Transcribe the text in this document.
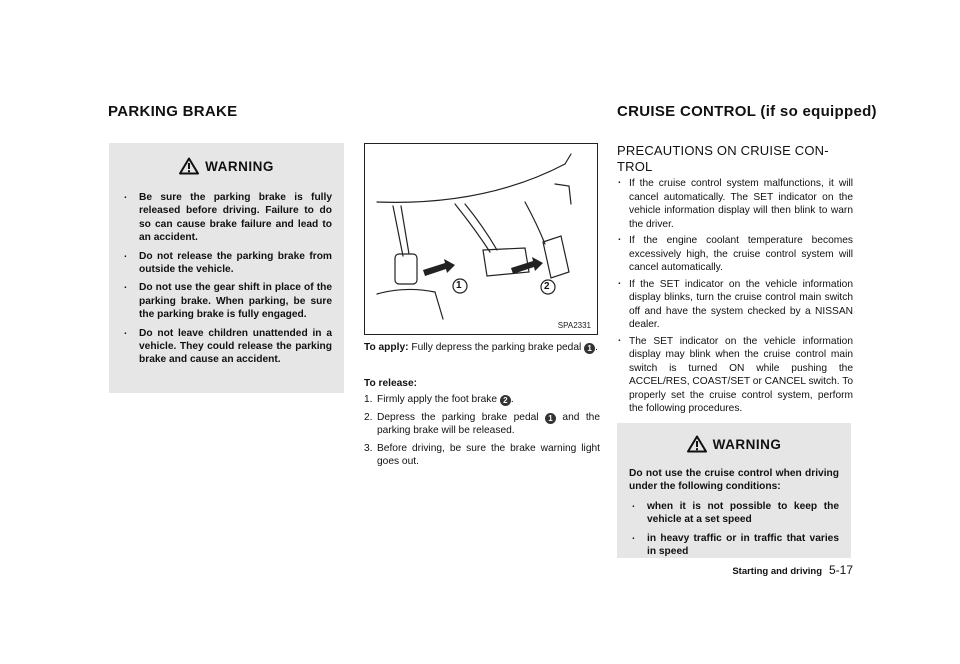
PARKING BRAKE	CRUISE CONTROL (if so equipped)
WARNING
. Be sure the parking brake is fully released before driving. Failure to do so can cause brake failure and lead to an accident.
. Do not release the parking brake from outside the vehicle.
. Do not use the gear shift in place of the parking brake. When parking, be sure the parking brake is fully engaged.
. Do not leave children unattended in a vehicle. They could release the parking brake and cause an accident.
1	2
SPA2331
To apply: Fully depress the parking brake pedal 1 .
To release:
1. Firmly apply the foot brake 2 .
2. Depress the parking brake pedal 1 and the parking brake will be released.
3. Before driving, be sure the brake warning light goes out.
PRECAUTIONS ON CRUISE CON-TROL
. If the cruise control system malfunctions, it will cancel automatically. The SET indicator on the vehicle information display will then blink to warn the driver.
. If the engine coolant temperature becomes excessively high, the cruise control system will cancel automatically.
. If the SET indicator on the vehicle information display blinks, turn the cruise control main switch off and have the system checked by a NISSAN dealer.
. The SET indicator on the vehicle information display may blink when the cruise control main switch is turned ON while pushing the ACCEL/RES, COAST/SET or CANCEL switch. To properly set the cruise control system, perform the following procedures.
WARNING
Do not use the cruise control when driving under the following conditions:
. when it is not possible to keep the vehicle at a set speed
. in heavy traffic or in traffic that varies in speed
Starting and driving 5-17
